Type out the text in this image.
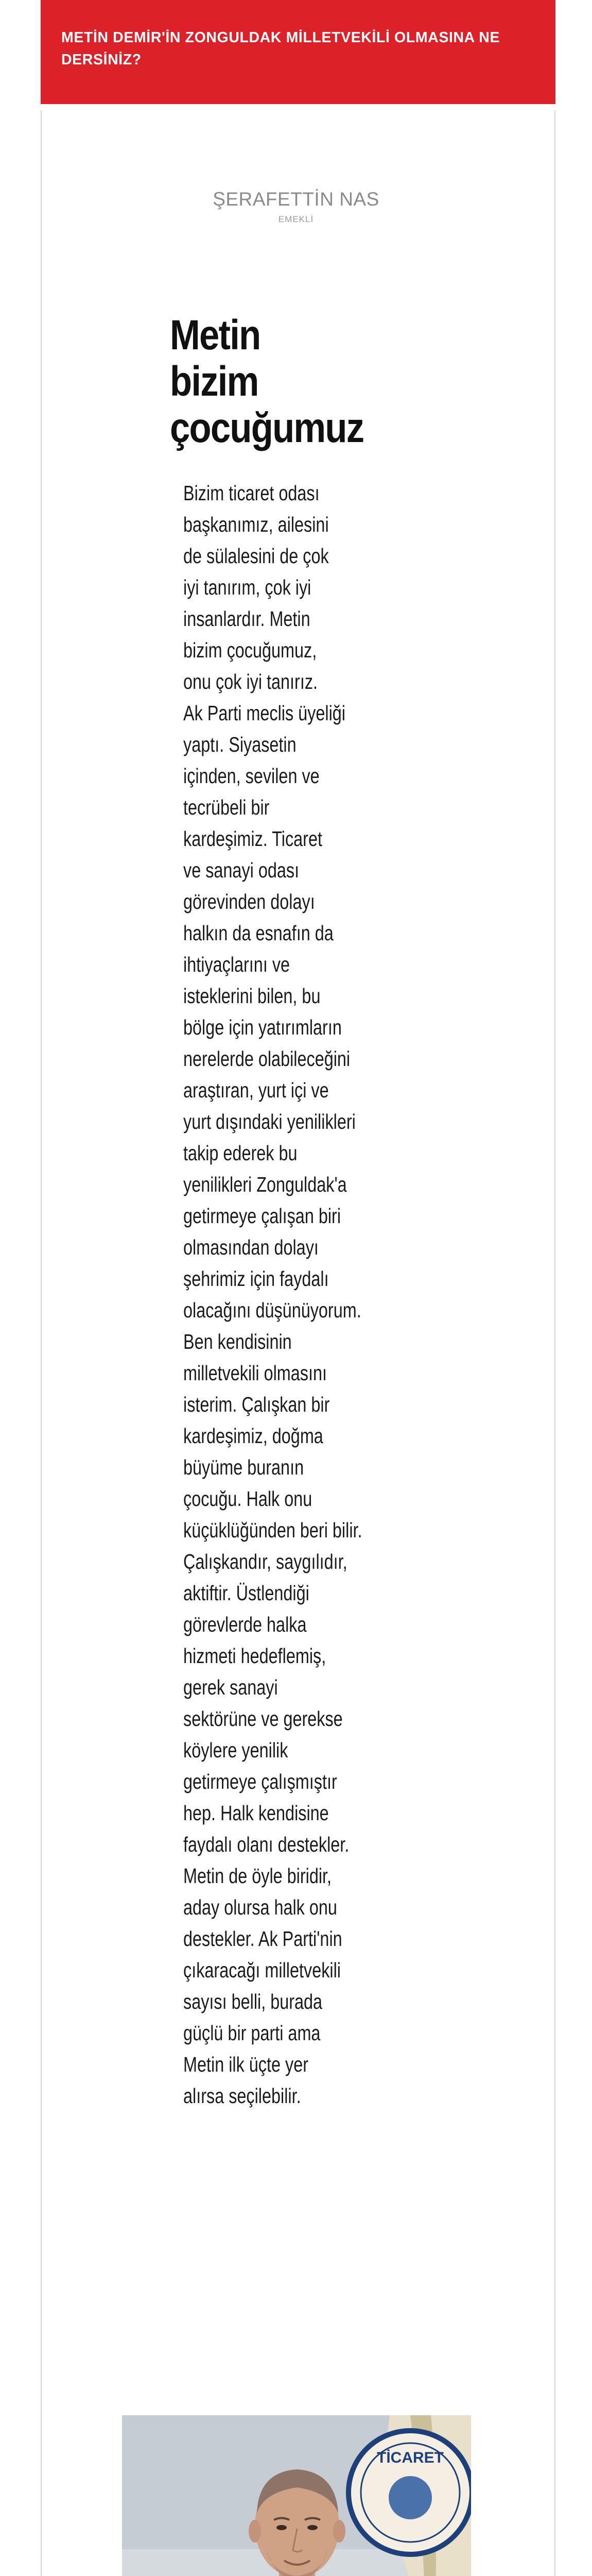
METİN DEMİR'İN ZONGULDAK MİLLETVEKİLİ OLMASINA NE DERSİNİZ?
ŞERAFETTİN NAS
EMEKLİ
Metin
bizim
çocuğumuz
Bizim ticaret odası
başkanımız, ailesini
de sülalesini de çok
iyi tanırım, çok iyi
insanlardır. Metin
bizim çocuğumuz,
onu çok iyi tanırız.
Ak Parti meclis üyeliği
yaptı. Siyasetin
içinden, sevilen ve
tecrübeli bir
kardeşimiz. Ticaret
ve sanayi odası
görevinden dolayı
halkın da esnafın da
ihtiyaçlarını ve
isteklerini bilen, bu
bölge için yatırımların
nerelerde olabileceğini
araştıran, yurt içi ve
yurt dışındaki yenilikleri
takip ederek bu
yenilikleri Zonguldak'a
getirmeye çalışan biri
olmasından dolayı
şehrimiz için faydalı
olacağını düşünüyorum.
Ben kendisinin
milletvekili olmasını
isterim. Çalışkan bir
kardeşimiz, doğma
büyüme buranın
çocuğu. Halk onu
küçüklüğünden beri bilir.
Çalışkandır, saygılıdır,
aktiftir. Üstlendiği
görevlerde halka
hizmeti hedeflemiş,
gerek sanayi
sektörüne ve gerekse
köylere yenilik
getirmeye çalışmıştır
hep. Halk kendisine
faydalı olanı destekler.
Metin de öyle biridir,
aday olursa halk onu
destekler. Ak Parti'nin
çıkaracağı milletvekili
sayısı belli, burada
güçlü bir parti ama
Metin ilk üçte yer
alırsa seçilebilir.
TİCARET
